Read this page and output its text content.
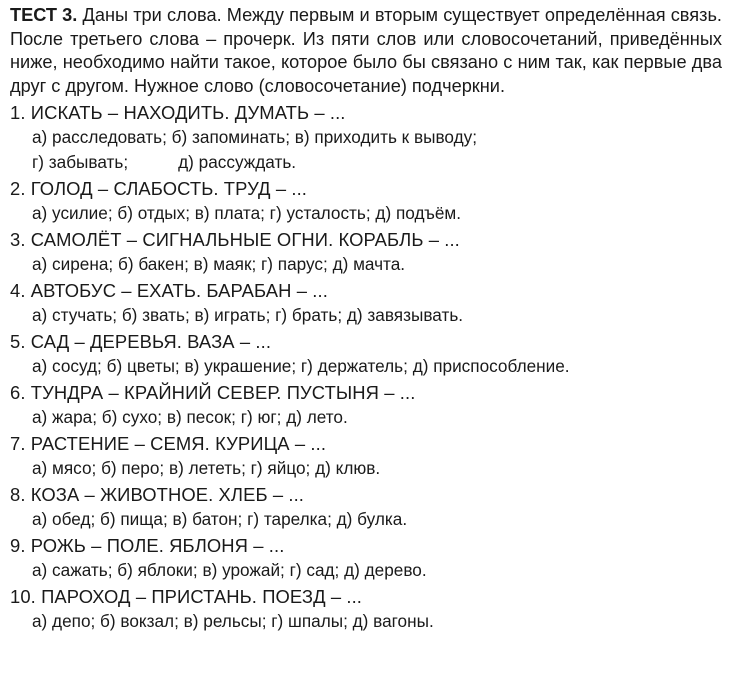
ТЕСТ 3. Даны три слова. Между первым и вторым существует определённая связь. После третьего слова – прочерк. Из пяти слов или словосочетаний, приведённых ниже, необходимо найти такое, которое было бы связано с ним так, как первые два друг с другом. Нужное слово (словосочетание) подчеркни.

1. ИСКАТЬ – НАХОДИТЬ. ДУМАТЬ – ...
а) расследовать; б) запоминать; в) приходить к выводу;
г) забывать;	д) рассуждать.
2. ГОЛОД – СЛАБОСТЬ. ТРУД – ...
а) усилие; б) отдых; в) плата; г) усталость; д) подъём.
3. САМОЛЁТ – СИГНАЛЬНЫЕ ОГНИ. КОРАБЛЬ – ...
а) сирена; б) бакен; в) маяк; г) парус; д) мачта.
4. АВТОБУС – ЕХАТЬ. БАРАБАН – ...
а) стучать; б) звать; в) играть; г) брать; д) завязывать.
5. САД – ДЕРЕВЬЯ. ВАЗА – ...
а) сосуд; б) цветы; в) украшение; г) держатель; д) приспособление.
6. ТУНДРА – КРАЙНИЙ СЕВЕР. ПУСТЫНЯ – ...
а) жара; б) сухо; в) песок; г) юг; д) лето.
7. РАСТЕНИЕ – СЕМЯ. КУРИЦА – ...
а) мясо; б) перо; в) лететь; г) яйцо; д) клюв.
8. КОЗА – ЖИВОТНОЕ. ХЛЕБ – ...
а) обед; б) пища; в) батон; г) тарелка; д) булка.
9. РОЖЬ – ПОЛЕ. ЯБЛОНЯ – ...
а) сажать; б) яблоки; в) урожай; г) сад; д) дерево.
10. ПАРОХОД – ПРИСТАНЬ. ПОЕЗД – ...
а) депо; б) вокзал; в) рельсы; г) шпалы; д) вагоны.
